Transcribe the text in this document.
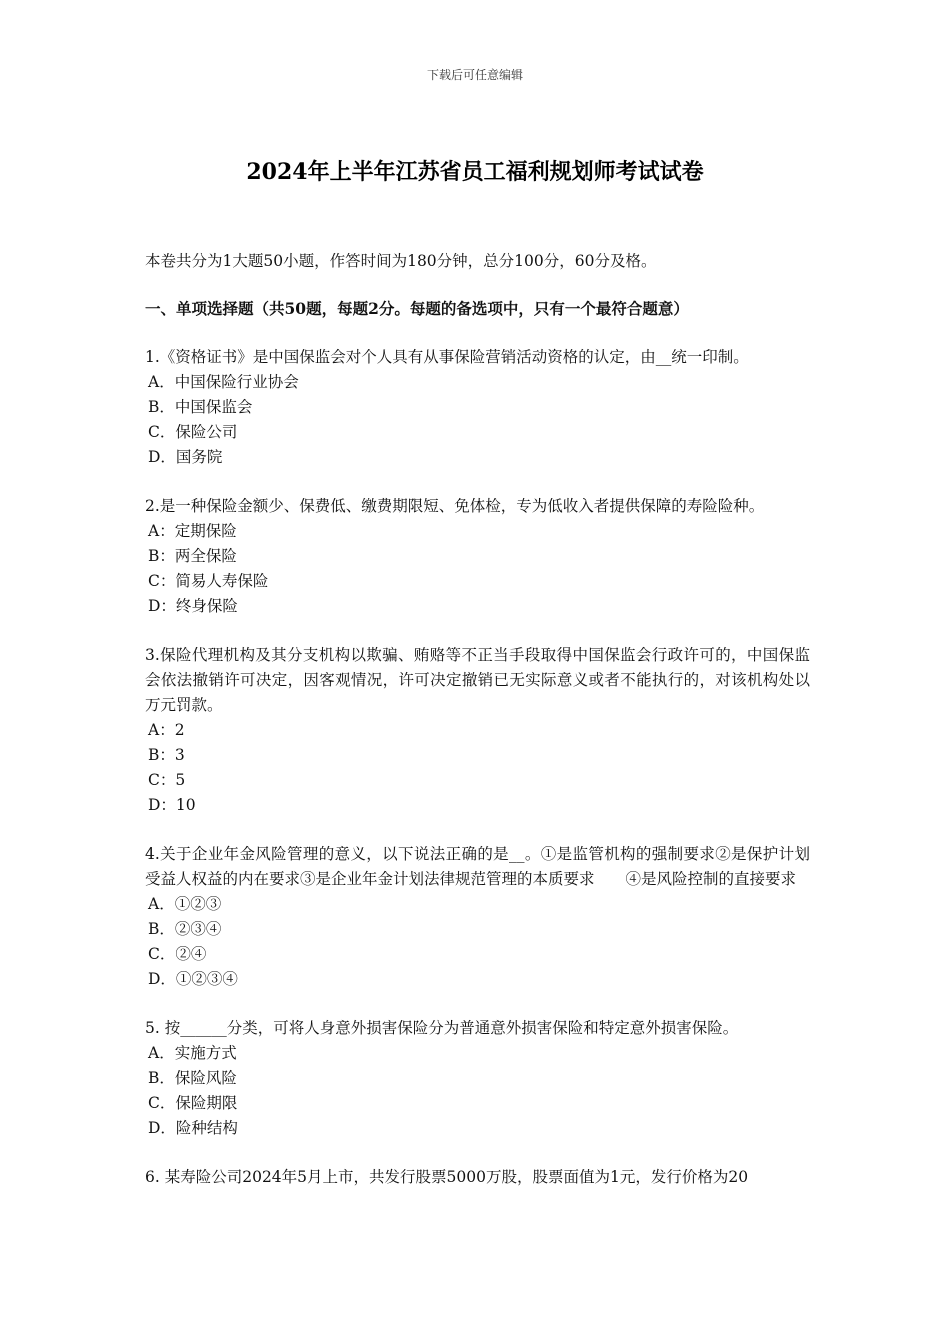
下载后可任意编辑
2024年上半年江苏省员工福利规划师考试试卷

本卷共分为1大题50小题，作答时间为180分钟，总分100分，60分及格。

一、单项选择题（共50题，每题2分。每题的备选项中，只有一个最符合题意）

1.《资格证书》是中国保监会对个人具有从事保险营销活动资格的认定，由__统一印制。

A．中国保险行业协会
B．中国保监会
C．保险公司
D．国务院

2.是一种保险金额少、保费低、缴费期限短、免体检，专为低收入者提供保障的寿险险种。

A：定期保险
B：两全保险
C：简易人寿保险
D：终身保险

3.保险代理机构及其分支机构以欺骗、贿赂等不正当手段取得中国保监会行政许可的，中国保监会依法撤销许可决定，因客观情况，许可决定撤销已无实际意义或者不能执行的，对该机构处以万元罚款。

A：2
B：3
C：5
D：10

4.关于企业年金风险管理的意义，以下说法正确的是__。①是监管机构的强制要求②是保护计划受益人权益的内在要求③是企业年金计划法律规范管理的本质要求　　④是风险控制的直接要求

A．①②③
B．②③④
C．②④
D．①②③④

5. 按______分类，可将人身意外损害保险分为普通意外损害保险和特定意外损害保险。

A．实施方式
B．保险风险
C．保险期限
D．险种结构

6. 某寿险公司2024年5月上市，共发行股票5000万股，股票面值为1元，发行价格为20
